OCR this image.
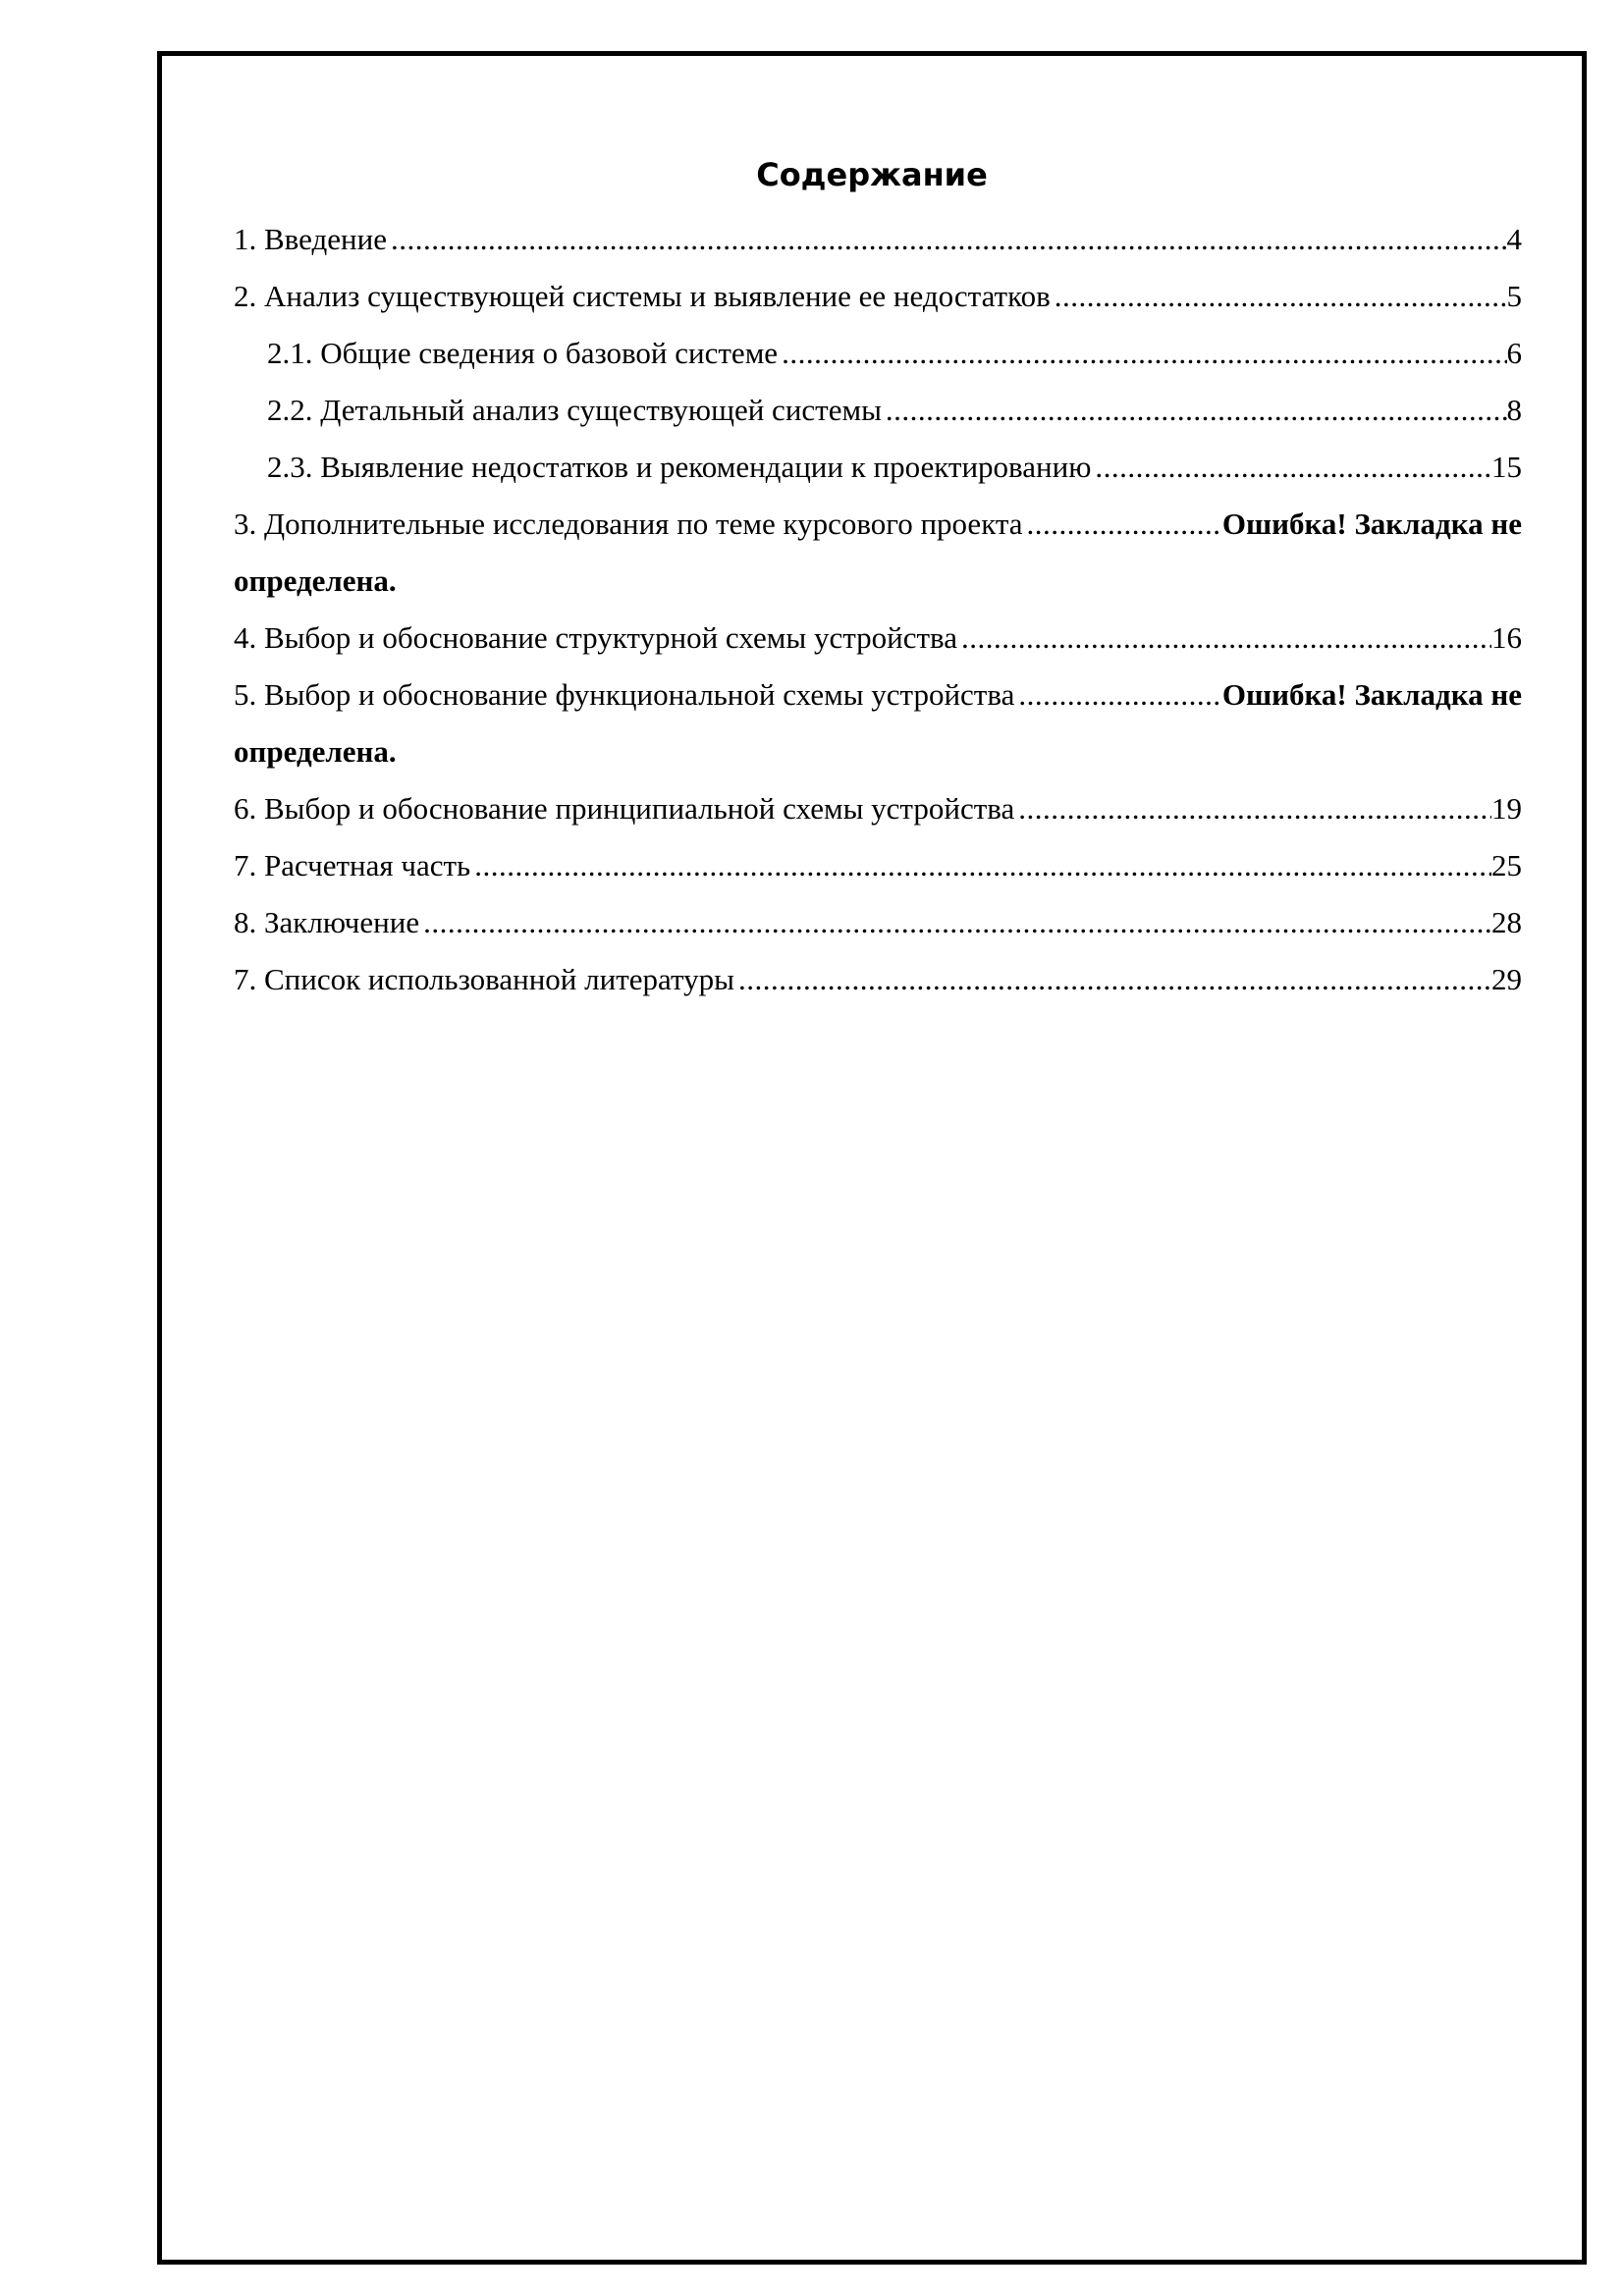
Содержание
1. Введение .....	4
2. Анализ существующей системы и выявление ее недостатков .....	5
2.1. Общие сведения о базовой системе .....	6
2.2. Детальный анализ существующей системы .....	8
2.3. Выявление недостатков и рекомендации к проектированию .....	15
3. Дополнительные исследования по теме курсового проекта .....	Ошибка! Закладка не
определена.
4. Выбор и обоснование структурной схемы устройства .....	16
5. Выбор и обоснование функциональной схемы устройства .....	Ошибка! Закладка не
определена.
6. Выбор и обоснование принципиальной схемы устройства .....	19
7. Расчетная часть .....	25
8. Заключение .....	28
7. Список использованной литературы .....	29
